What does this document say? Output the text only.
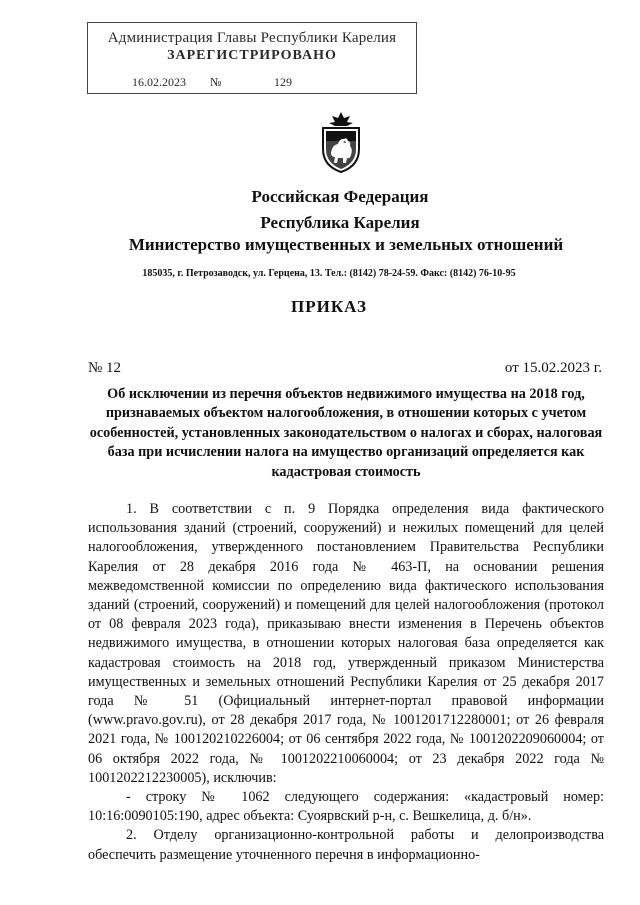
Администрация Главы Республики Карелия
ЗАРЕГИСТРИРОВАНО
16.02.2023 №	129
Российская Федерация
Республика Карелия
Министерство имущественных и земельных отношений
185035, г. Петрозаводск, ул. Герцена, 13. Тел.: (8142) 78-24-59. Факс: (8142) 76-10-95
ПРИКАЗ
№ 12	от 15.02.2023 г.
Об исключении из перечня объектов недвижимого имущества на 2018 год, признаваемых объектом налогообложения, в отношении которых с учетом особенностей, установленных законодательством о налогах и сборах, налоговая база при исчислении налога на имущество организаций определяется как кадастровая стоимость

1. В соответствии с п. 9 Порядка определения вида фактического использования зданий (строений, сооружений) и нежилых помещений для целей налогообложения, утвержденного постановлением Правительства Республики Карелия от 28 декабря 2016 года № 463-П, на основании решения межведомственной комиссии по определению вида фактического использования зданий (строений, сооружений) и помещений для целей налогообложения (протокол от 08 февраля 2023 года), приказываю внести изменения в Перечень объектов недвижимого имущества, в отношении которых налоговая база определяется как кадастровая стоимость на 2018 год, утвержденный приказом Министерства имущественных и земельных отношений Республики Карелия от 25 декабря 2017 года № 51 (Официальный интернет-портал правовой информации (www.pravo.gov.ru), от 28 декабря 2017 года, № 1001201712280001; от 26 февраля 2021 года, № 100120210226004; от 06 сентября 2022 года, № 1001202209060004; от 06 октября 2022 года, № 1001202210060004; от 23 декабря 2022 года № 1001202212230005), исключив:

- строку № 1062 следующего содержания: «кадастровый номер: 10:16:0090105:190, адрес объекта: Суоярвский р-н, с. Вешкелица, д. б/н».

2. Отделу организационно-контрольной работы и делопроизводства обеспечить размещение уточненного перечня в информационно-
